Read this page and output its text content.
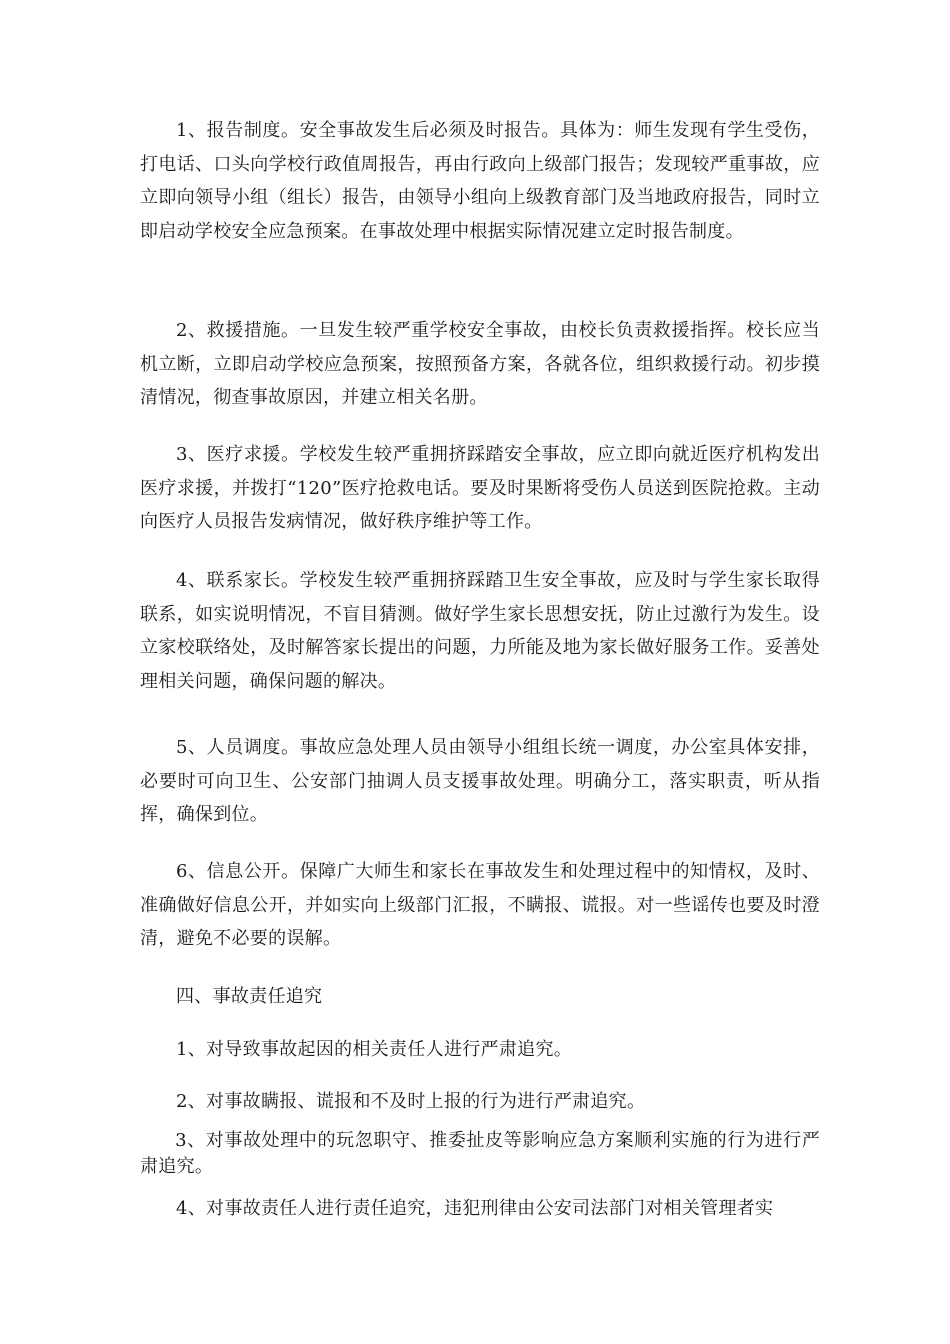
1、报告制度。安全事故发生后必须及时报告。具体为：师生发现有学生受伤，打电话、口头向学校行政值周报告，再由行政向上级部门报告；发现较严重事故，应立即向领导小组（组长）报告，由领导小组向上级教育部门及当地政府报告，同时立即启动学校安全应急预案。在事故处理中根据实际情况建立定时报告制度。

2、救援措施。一旦发生较严重学校安全事故，由校长负责救援指挥。校长应当机立断，立即启动学校应急预案，按照预备方案，各就各位，组织救援行动。初步摸清情况，彻查事故原因，并建立相关名册。

3、医疗求援。学校发生较严重拥挤踩踏安全事故，应立即向就近医疗机构发出医疗求援，并拨打“120”医疗抢救电话。要及时果断将受伤人员送到医院抢救。主动向医疗人员报告发病情况，做好秩序维护等工作。

4、联系家长。学校发生较严重拥挤踩踏卫生安全事故，应及时与学生家长取得联系，如实说明情况，不盲目猜测。做好学生家长思想安抚，防止过激行为发生。设立家校联络处，及时解答家长提出的问题，力所能及地为家长做好服务工作。妥善处理相关问题，确保问题的解决。

5、人员调度。事故应急处理人员由领导小组组长统一调度，办公室具体安排，必要时可向卫生、公安部门抽调人员支援事故处理。明确分工，落实职责，听从指挥，确保到位。

6、信息公开。保障广大师生和家长在事故发生和处理过程中的知情权，及时、准确做好信息公开，并如实向上级部门汇报，不瞒报、谎报。对一些谣传也要及时澄清，避免不必要的误解。

四、事故责任追究

1、对导致事故起因的相关责任人进行严肃追究。

2、对事故瞒报、谎报和不及时上报的行为进行严肃追究。

3、对事故处理中的玩忽职守、推委扯皮等影响应急方案顺利实施的行为进行严肃追究。

4、对事故责任人进行责任追究，违犯刑律由公安司法部门对相关管理者实
